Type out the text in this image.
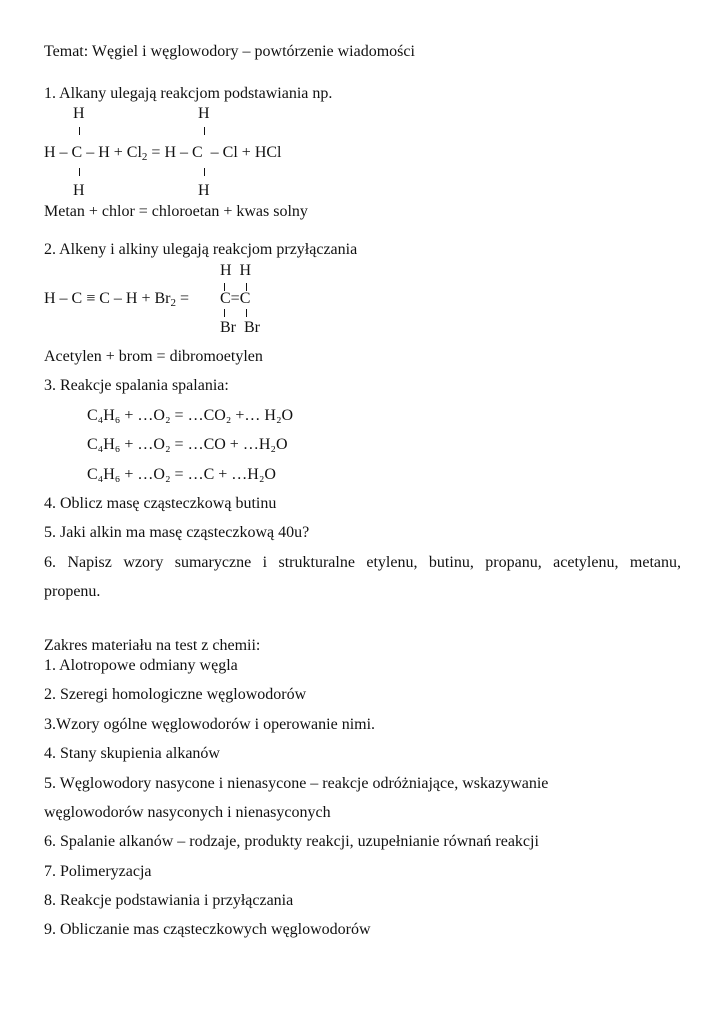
Temat: Węgiel i węglowodory – powtórzenie wiadomości
1. Alkany ulegają reakcjom podstawiania np.
H	H
H – C – H + Cl2 = H – C  – Cl + HCl
H	H
Metan + chlor = chloroetan + kwas solny
2. Alkeny i alkiny ulegają reakcjom przyłączania
H  H
H – C ≡ C – H + Br2 = C=C
Br  Br
Acetylen + brom = dibromoetylen
3. Reakcje spalania spalania:
C₄H₆ + …O₂ = …CO₂ +… H₂O
C₄H₆ + …O₂ = …CO + …H₂O
C₄H₆ + …O₂ = …C + …H₂O
4. Oblicz masę cząsteczkową butinu
5. Jaki alkin ma masę cząsteczkową 40u?
6. Napisz wzory sumaryczne i strukturalne etylenu, butinu, propanu, acetylenu, metanu,
propenu.
Zakres materiału na test z chemii:
1. Alotropowe odmiany węgla
2. Szeregi homologiczne węglowodorów
3.Wzory ogólne węglowodorów i operowanie nimi.
4. Stany skupienia alkanów
5. Węglowodory nasycone i nienasycone – reakcje odróżniające, wskazywanie
węglowodorów nasyconych i nienasyconych
6. Spalanie alkanów – rodzaje, produkty reakcji, uzupełnianie równań reakcji
7. Polimeryzacja
8. Reakcje podstawiania i przyłączania
9. Obliczanie mas cząsteczkowych węglowodorów
